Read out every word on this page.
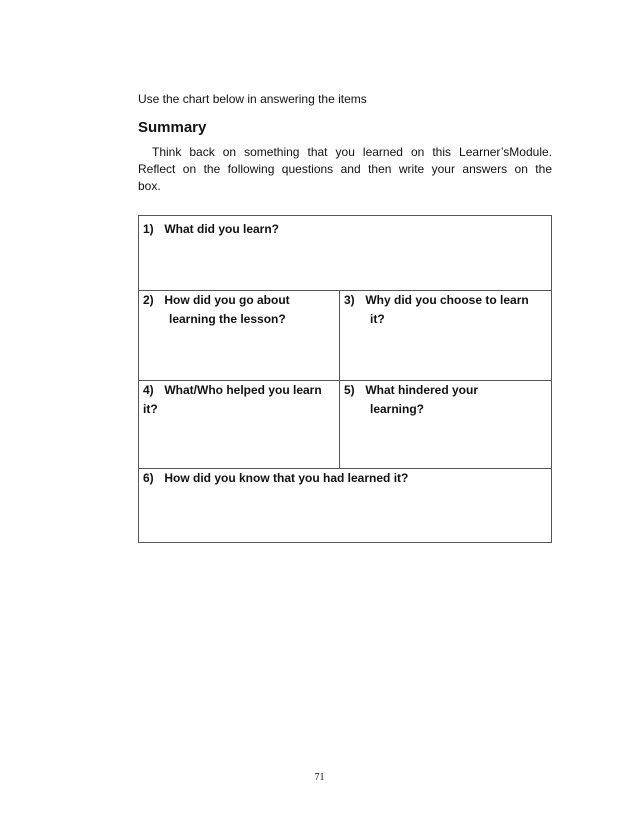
Use the chart below in answering the items
Summary
Think back on something that you learned on this Learner’sModule. Reflect on the following questions and then write your answers on the box.
1) What did you learn?
2) How did you go about
learning the lesson?
3) Why did you choose to learn
it?
4) What/Who helped you learn
it?
5) What hindered your
learning?
6) How did you know that you had learned it?
71
